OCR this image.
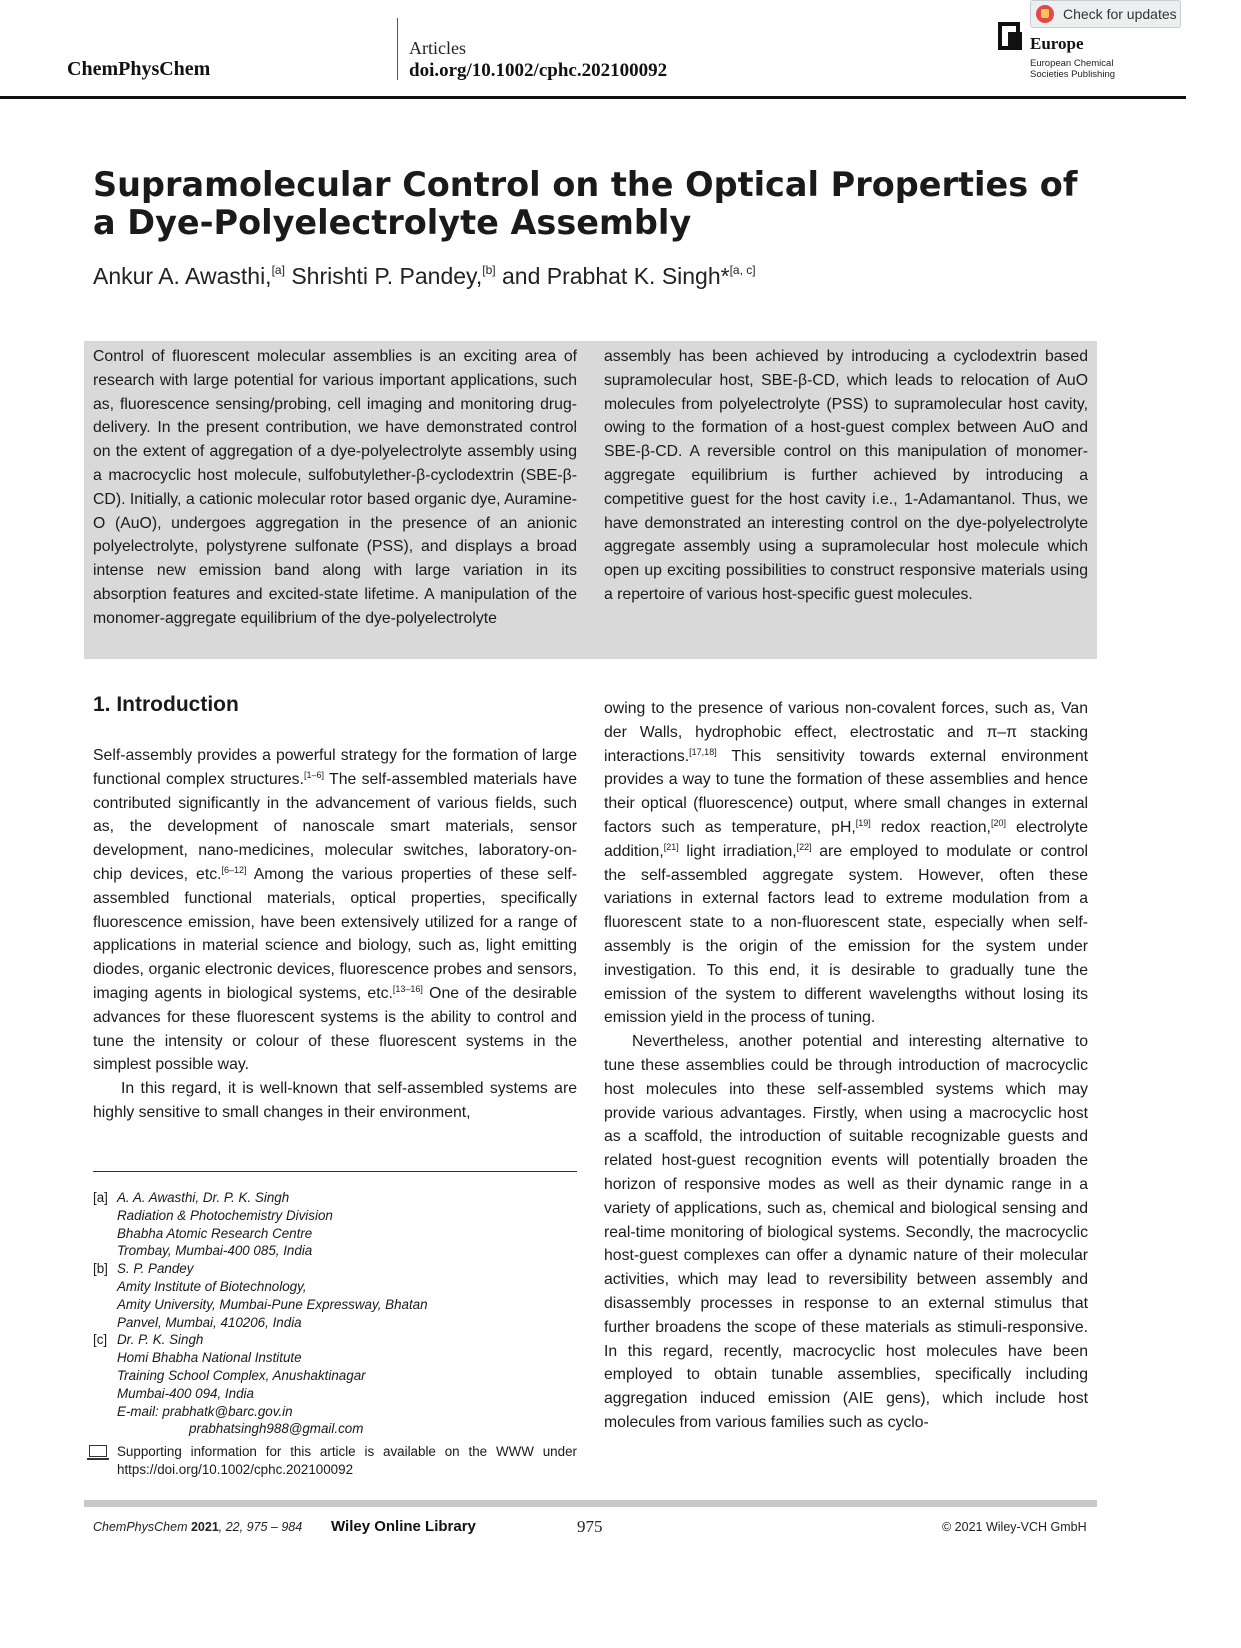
ChemPhysChem
Articles
doi.org/10.1002/cphc.202100092
Europe
European Chemical Societies Publishing
Check for updates
Supramolecular Control on the Optical Properties of a Dye-Polyelectrolyte Assembly
Ankur A. Awasthi,[a] Shrishti P. Pandey,[b] and Prabhat K. Singh*[a, c]
Control of fluorescent molecular assemblies is an exciting area of research with large potential for various important applications, such as, fluorescence sensing/probing, cell imaging and monitoring drug-delivery. In the present contribution, we have demonstrated control on the extent of aggregation of a dye-polyelectrolyte assembly using a macrocyclic host molecule, sulfobutylether-β-cyclodextrin (SBE-β-CD). Initially, a cationic molecular rotor based organic dye, Auramine-O (AuO), undergoes aggregation in the presence of an anionic polyelectrolyte, polystyrene sulfonate (PSS), and displays a broad intense new emission band along with large variation in its absorption features and excited-state lifetime. A manipulation of the monomer-aggregate equilibrium of the dye-polyelectrolyte
assembly has been achieved by introducing a cyclodextrin based supramolecular host, SBE-β-CD, which leads to relocation of AuO molecules from polyelectrolyte (PSS) to supramolecular host cavity, owing to the formation of a host-guest complex between AuO and SBE-β-CD. A reversible control on this manipulation of monomer-aggregate equilibrium is further achieved by introducing a competitive guest for the host cavity i.e., 1-Adamantanol. Thus, we have demonstrated an interesting control on the dye-polyelectrolyte aggregate assembly using a supramolecular host molecule which open up exciting possibilities to construct responsive materials using a repertoire of various host-specific guest molecules.
1. Introduction

Self-assembly provides a powerful strategy for the formation of large functional complex structures.[1–6] The self-assembled materials have contributed significantly in the advancement of various fields, such as, the development of nanoscale smart materials, sensor development, nano-medicines, molecular switches, laboratory-on-chip devices, etc.[6–12] Among the various properties of these self-assembled functional materials, optical properties, specifically fluorescence emission, have been extensively utilized for a range of applications in material science and biology, such as, light emitting diodes, organic electronic devices, fluorescence probes and sensors, imaging agents in biological systems, etc.[13–16] One of the desirable advances for these fluorescent systems is the ability to control and tune the intensity or colour of these fluorescent systems in the simplest possible way.

In this regard, it is well-known that self-assembled systems are highly sensitive to small changes in their environment,

owing to the presence of various non-covalent forces, such as, Van der Walls, hydrophobic effect, electrostatic and π–π stacking interactions.[17,18] This sensitivity towards external environment provides a way to tune the formation of these assemblies and hence their optical (fluorescence) output, where small changes in external factors such as temperature, pH,[19] redox reaction,[20] electrolyte addition,[21] light irradiation,[22] are employed to modulate or control the self-assembled aggregate system. However, often these variations in external factors lead to extreme modulation from a fluorescent state to a non-fluorescent state, especially when self-assembly is the origin of the emission for the system under investigation. To this end, it is desirable to gradually tune the emission of the system to different wavelengths without losing its emission yield in the process of tuning.

Nevertheless, another potential and interesting alternative to tune these assemblies could be through introduction of macrocyclic host molecules into these self-assembled systems which may provide various advantages. Firstly, when using a macrocyclic host as a scaffold, the introduction of suitable recognizable guests and related host-guest recognition events will potentially broaden the horizon of responsive modes as well as their dynamic range in a variety of applications, such as, chemical and biological sensing and real-time monitoring of biological systems. Secondly, the macrocyclic host-guest complexes can offer a dynamic nature of their molecular activities, which may lead to reversibility between assembly and disassembly processes in response to an external stimulus that further broadens the scope of these materials as stimuli-responsive. In this regard, recently, macrocyclic host molecules have been employed to obtain tunable assemblies, specifically including aggregation induced emission (AIE gens), which include host molecules from various families such as cyclo-

[a] A. A. Awasthi, Dr. P. K. Singh
Radiation & Photochemistry Division
Bhabha Atomic Research Centre
Trombay, Mumbai-400 085, India
[b] S. P. Pandey
Amity Institute of Biotechnology,
Amity University, Mumbai-Pune Expressway, Bhatan
Panvel, Mumbai, 410206, India
[c] Dr. P. K. Singh
Homi Bhabha National Institute
Training School Complex, Anushaktinagar
Mumbai-400 094, India
E-mail: prabhatk@barc.gov.in
prabhatsingh988@gmail.com
Supporting information for this article is available on the WWW under https://doi.org/10.1002/cphc.202100092
ChemPhysChem 2021, 22, 975 – 984 Wiley Online Library	975	© 2021 Wiley-VCH GmbH
